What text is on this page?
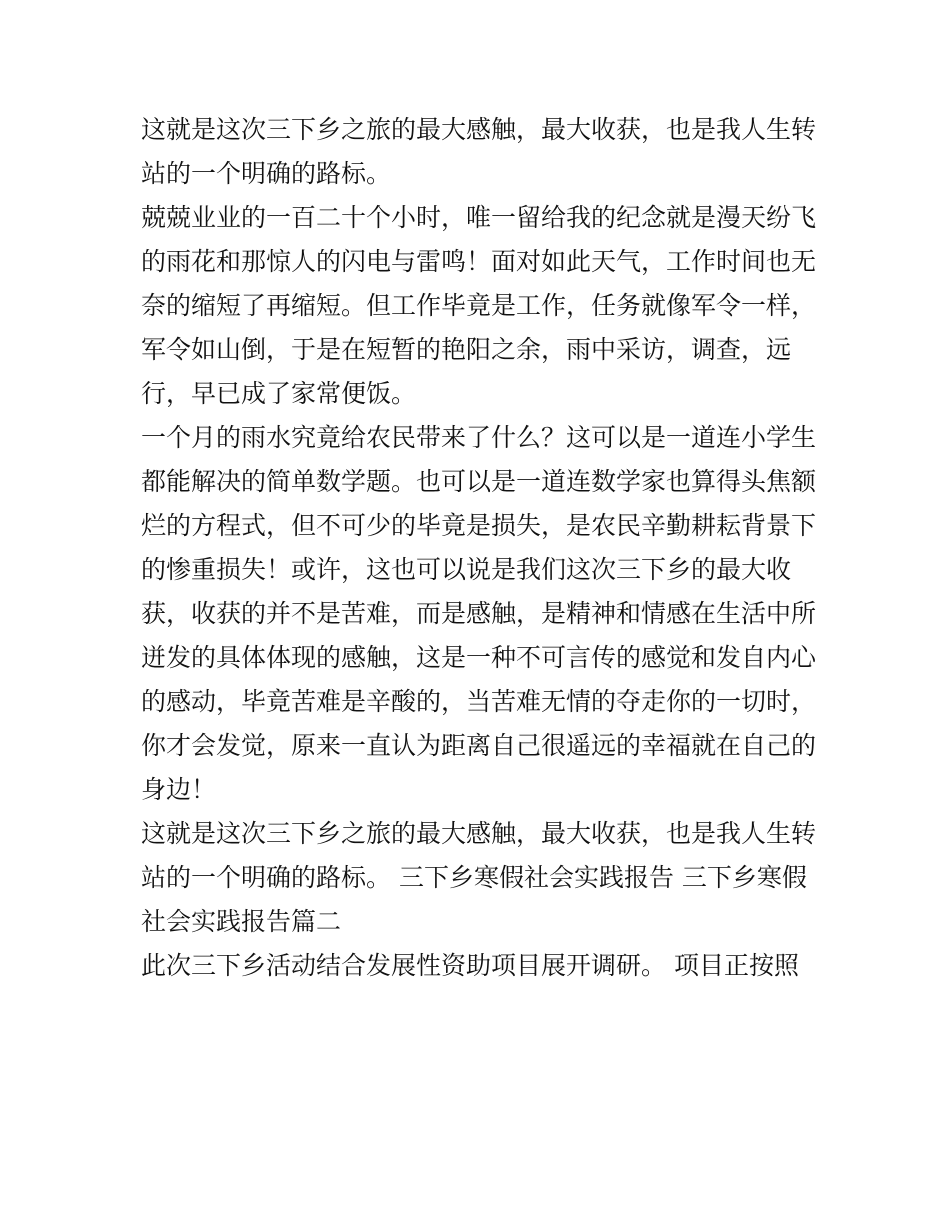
这就是这次三下乡之旅的最大感触，最大收获，也是我人生转
站的一个明确的路标。
兢兢业业的一百二十个小时，唯一留给我的纪念就是漫天纷飞
的雨花和那惊人的闪电与雷鸣！面对如此天气，工作时间也无
奈的缩短了再缩短。但工作毕竟是工作，任务就像军令一样，
军令如山倒，于是在短暂的艳阳之余，雨中采访，调查，远
行，早已成了家常便饭。
一个月的雨水究竟给农民带来了什么？这可以是一道连小学生
都能解决的简单数学题。也可以是一道连数学家也算得头焦额
烂的方程式，但不可少的毕竟是损失，是农民辛勤耕耘背景下
的惨重损失！或许，这也可以说是我们这次三下乡的最大收
获，收获的并不是苦难，而是感触，是精神和情感在生活中所
迸发的具体体现的感触，这是一种不可言传的感觉和发自内心
的感动，毕竟苦难是辛酸的，当苦难无情的夺走你的一切时，
你才会发觉，原来一直认为距离自己很遥远的幸福就在自己的
身边！
这就是这次三下乡之旅的最大感触，最大收获，也是我人生转
站的一个明确的路标。 三下乡寒假社会实践报告 三下乡寒假
社会实践报告篇二
此次三下乡活动结合发展性资助项目展开调研。 项目正按照
